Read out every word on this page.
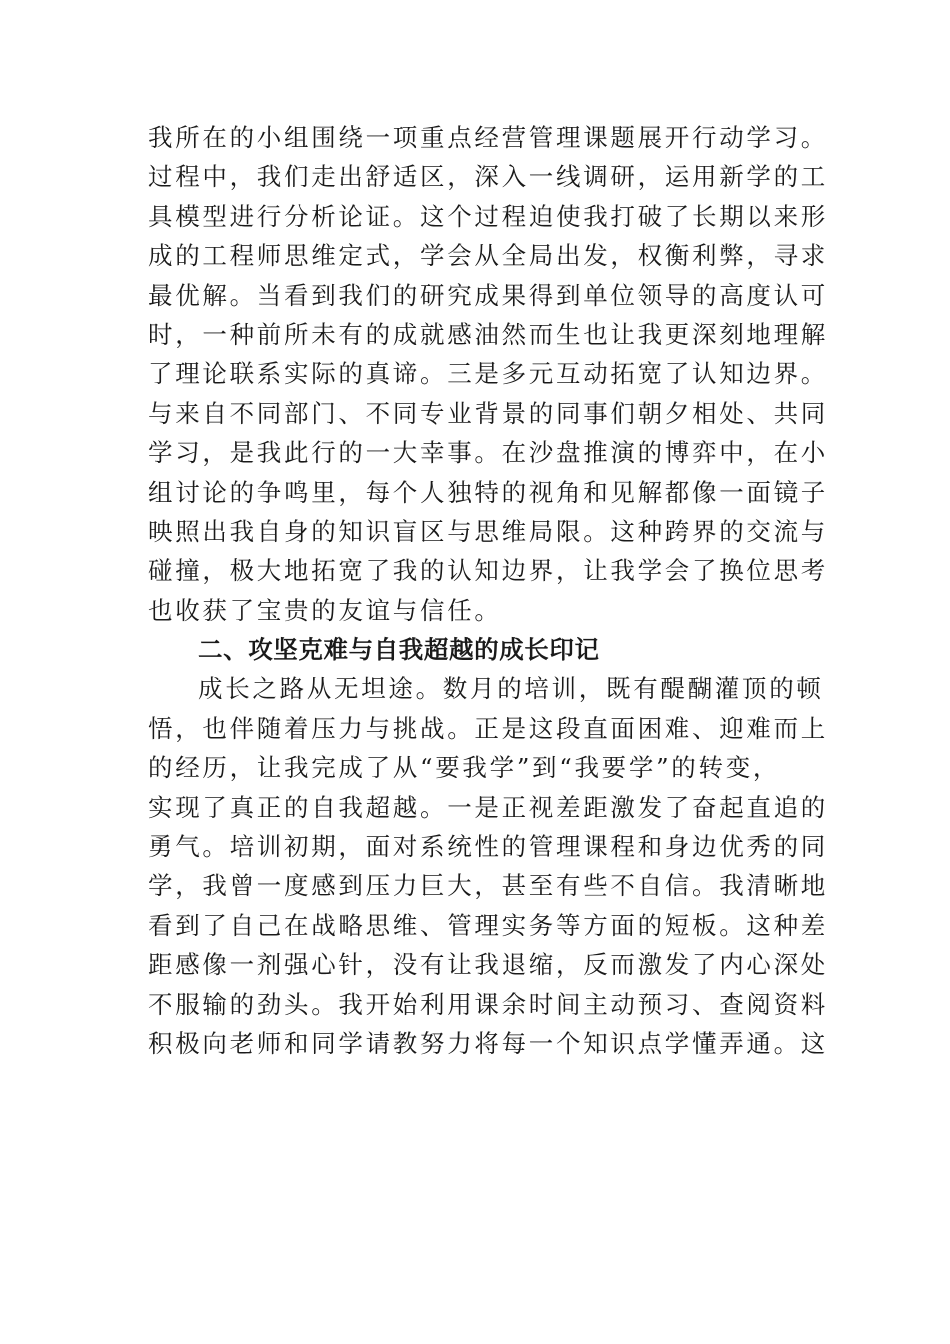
我所在的小组围绕一项重点经营管理课题展开行动学习。
过程中，我们走出舒适区，深入一线调研，运用新学的工
具模型进行分析论证。这个过程迫使我打破了长期以来形
成的工程师思维定式，学会从全局出发，权衡利弊，寻求
最优解。当看到我们的研究成果得到单位领导的高度认可
时，一种前所未有的成就感油然而生也让我更深刻地理解
了理论联系实际的真谛。三是多元互动拓宽了认知边界。
与来自不同部门、不同专业背景的同事们朝夕相处、共同
学习，是我此行的一大幸事。在沙盘推演的博弈中，在小
组讨论的争鸣里，每个人独特的视角和见解都像一面镜子
映照出我自身的知识盲区与思维局限。这种跨界的交流与
碰撞，极大地拓宽了我的认知边界，让我学会了换位思考
也收获了宝贵的友谊与信任。
二、攻坚克难与自我超越的成长印记
成长之路从无坦途。数月的培训，既有醍醐灌顶的顿
悟，也伴随着压力与挑战。正是这段直面困难、迎难而上
的经历，让我完成了从“要我学”到“我要学”的转变，
实现了真正的自我超越。一是正视差距激发了奋起直追的
勇气。培训初期，面对系统性的管理课程和身边优秀的同
学，我曾一度感到压力巨大，甚至有些不自信。我清晰地
看到了自己在战略思维、管理实务等方面的短板。这种差
距感像一剂强心针，没有让我退缩，反而激发了内心深处
不服输的劲头。我开始利用课余时间主动预习、查阅资料
积极向老师和同学请教努力将每一个知识点学懂弄通。这
